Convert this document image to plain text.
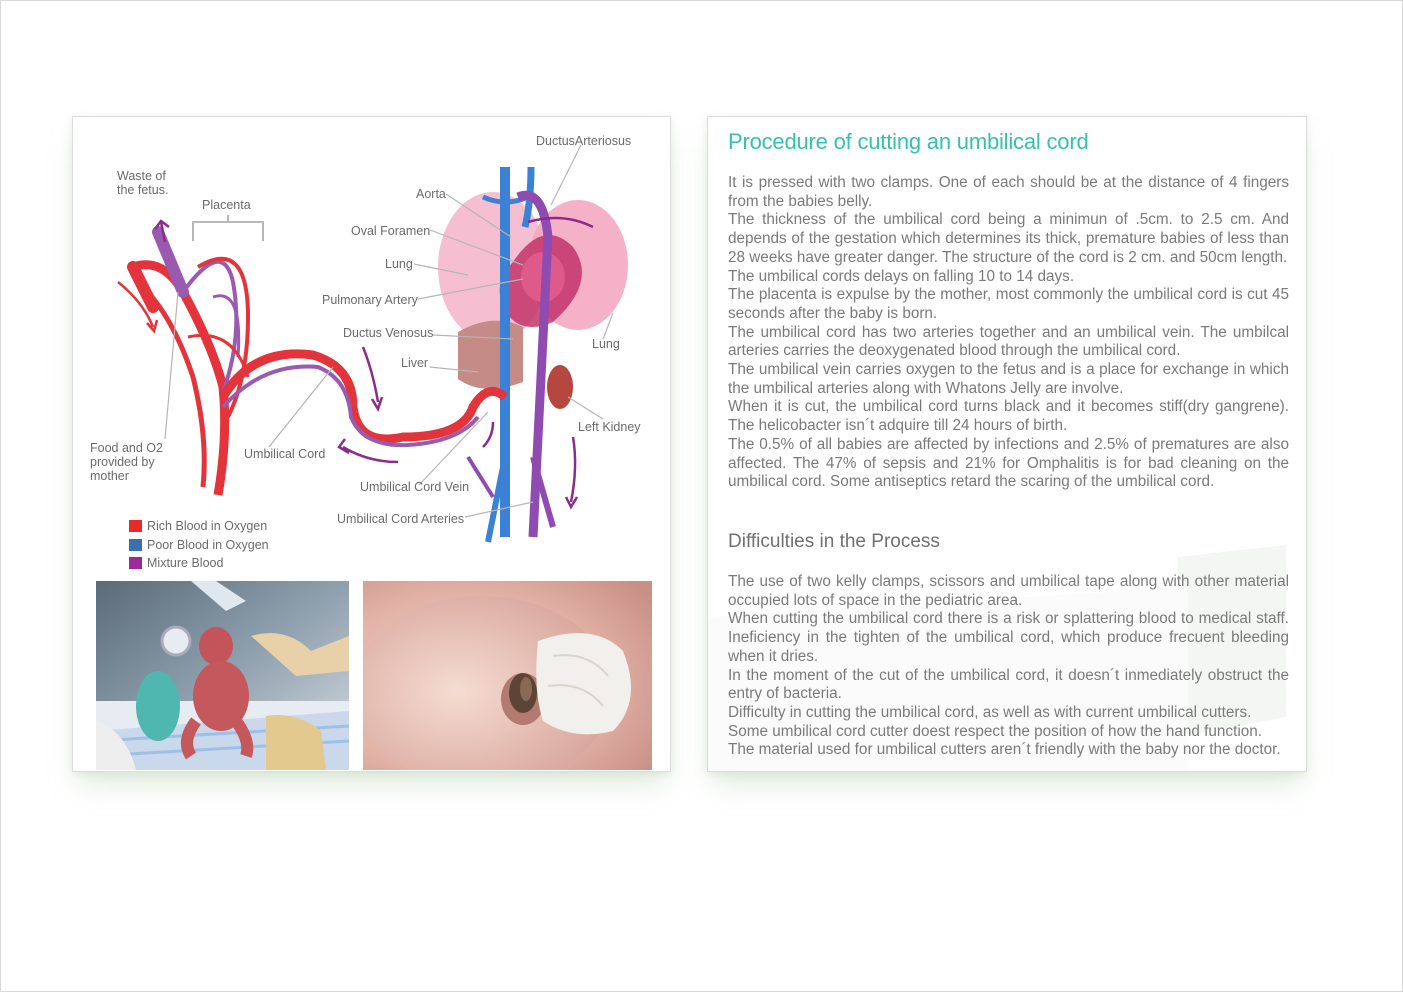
DuctusArteriosus
Waste of the fetus.
Placenta
Aorta
Oval Foramen
Lung
Pulmonary Artery
Ductus Venosus
Lung
Liver
Left Kidney
Food and O2 provided by mother
Umbilical Cord
Umbilical Cord Vein
Umbilical Cord Arteries
Rich Blood in Oxygen
Poor Blood in Oxygen
Mixture Blood
Procedure of cutting an umbilical cord

It is pressed with two clamps. One of each should be at the distance of 4 fingers from the babies belly.

The thickness of the umbilical cord being a minimun of .5cm. to 2.5 cm. And depends of the gestation which determines its thick, premature babies of less than 28 weeks have greater danger. The structure of the cord is 2 cm. and 50cm length.

The umbilical cords delays on falling 10 to 14 days.

The placenta is expulse by the mother, most commonly the umbilical cord is cut 45 seconds after the baby is born.

The umbilical cord has two arteries together and an umbilical vein. The umbilcal arteries carries the deoxygenated blood through the umbilical cord.

The umbilical vein carries oxygen to the fetus and is a place for exchange in which the umbilical arteries along with Whatons Jelly are involve.

When it is cut, the umbilical cord turns black and it becomes stiff(dry gangrene). The helicobacter isn´t adquire till 24 hours of birth.

The 0.5% of all babies are affected by infections and 2.5% of prematures are also affected. The 47% of sepsis and 21% for Omphalitis is for bad cleaning on the umbilical cord. Some antiseptics retard the scaring of the umbilical cord.

Difficulties in the Process

The use of two kelly clamps, scissors and umbilical tape along with other material occupied lots of space in the pediatric area.

When cutting the umbilical cord there is a risk or splattering blood to medical staff. Ineficiency in the tighten of the umbilical cord, which produce frecuent bleeding when it dries.

In the moment of the cut of the umbilical cord, it doesn´t inmediately obstruct the entry of bacteria.

Difficulty in cutting the umbilical cord, as well as with current umbilical cutters.

Some umbilical cord cutter doest respect the position of how the hand function.

The material used for umbilical cutters aren´t friendly with the baby nor the doctor.
